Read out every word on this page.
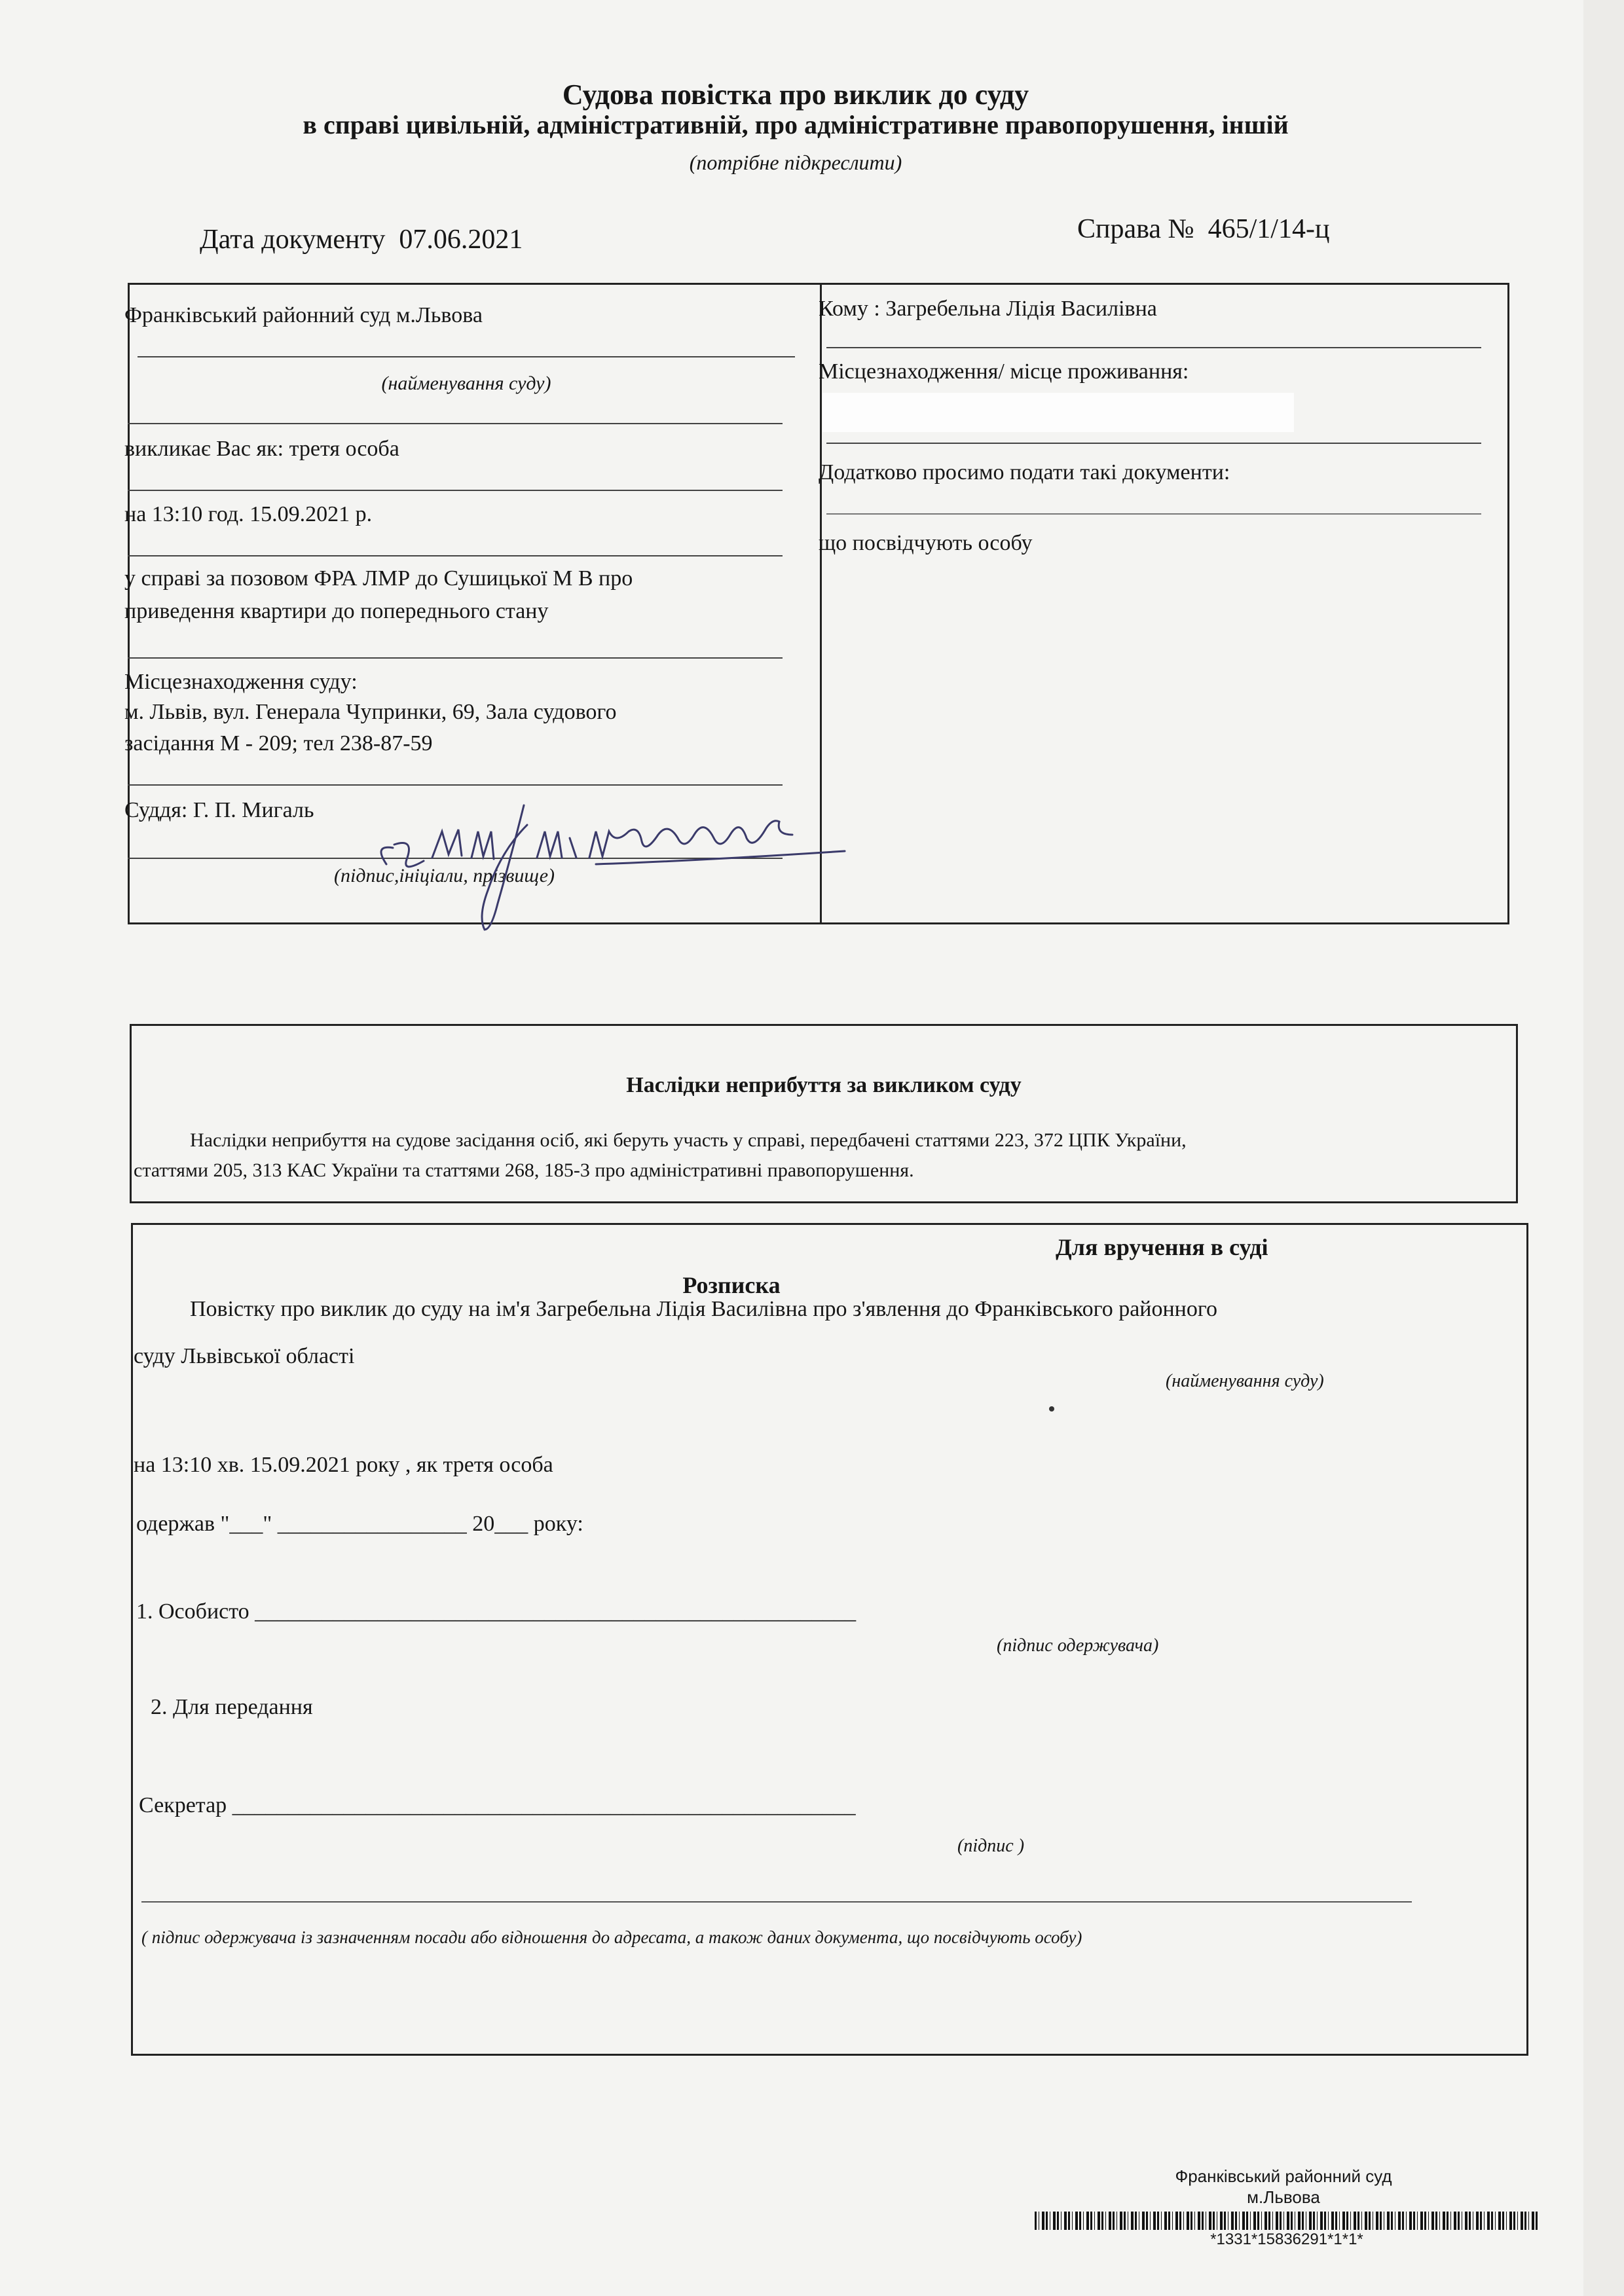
Судова повістка про виклик до суду
в справі цивільній, адміністративній, про адміністративне правопорушення, іншій
(потрібне підкреслити)
Дата документу 07.06.2021	Справа № 465/1/14-ц
Франківський районний суд м.Львова
(найменування суду)
викликає Вас як: третя особа
на 13:10 год. 15.09.2021 р.
у справі за позовом ФРА ЛМР до Сушицької М В про
приведення квартири до попереднього стану
Місцезнаходження суду:
м. Львів, вул. Генерала Чупринки, 69, Зала судового
засідання М - 209; тел 238-87-59
Суддя: Г. П. Мигаль
(підпис,ініціали, прізвище)
Кому : Загребельна Лідія Василівна
Місцезнаходження/ місце проживання:
Додатково просимо подати такі документи:
що посвідчують особу
Наслідки неприбуття за викликом суду
Наслідки неприбуття на судове засідання осіб, які беруть участь у справі, передбачені статтями 223, 372 ЦПК України,
статтями 205, 313 КАС України та статтями 268, 185-3 про адміністративні правопорушення.
Для вручення в суді
Розписка
Повістку про виклик до суду на ім'я Загребельна Лідія Василівна про з'явлення до Франківського районного
суду Львівської області
(найменування суду)
на 13:10 хв. 15.09.2021 року , як третя особа
одержав "___" _________________ 20___ року:
1. Особисто ______________________________________________________
(підпис одержувача)
2. Для передання
Секретар ________________________________________________________
(підпис )
( підпис одержувача із зазначенням посади або відношення до адресата, а також даних документа, що посвідчують особу)
Франківський районний суд
м.Львова
*1331*15836291*1*1*
